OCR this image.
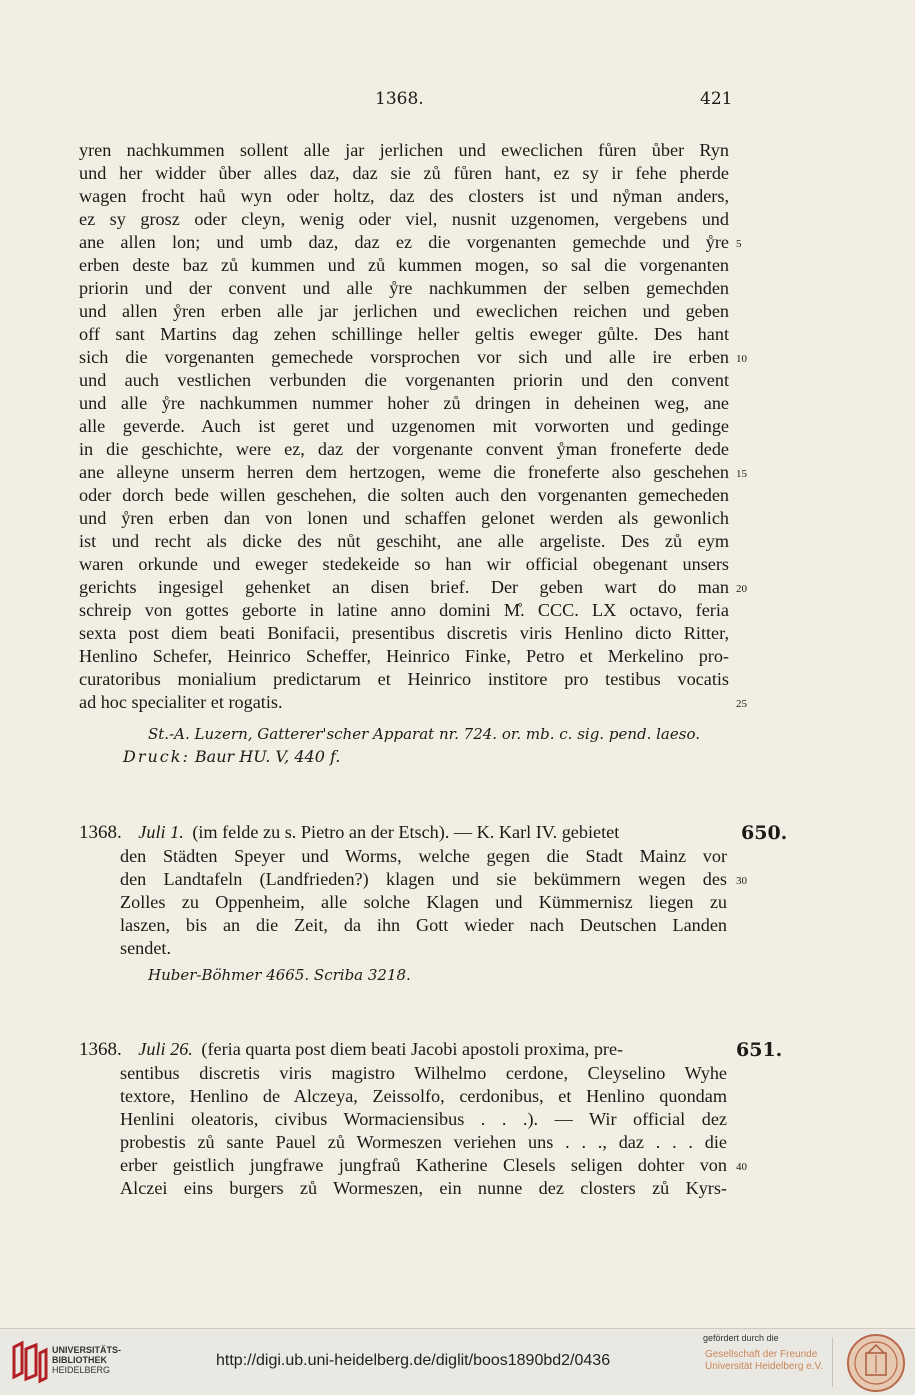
1368.	421
yren nachkummen sollent alle jar jerlichen und eweclichen fůren ůber Ryn
und her widder ůber alles daz, daz sie zů fůren hant, ez sy ir fehe pherde
wagen frocht haů wyn oder holtz, daz des closters ist und nẙman anders,
ez sy grosz oder cleyn, wenig oder viel, nusnit uzgenomen, vergebens und
ane allen lon; und umb daz, daz ez die vorgenanten gemechde und ẙre
erben deste baz zů kummen und zů kummen mogen, so sal die vorgenanten
priorin und der convent und alle ẙre nachkummen der selben gemechden
und allen ẙren erben alle jar jerlichen und eweclichen reichen und geben
off sant Martins dag zehen schillinge heller geltis eweger gůlte. Des hant
sich die vorgenanten gemechede vorsprochen vor sich und alle ire erben
und auch vestlichen verbunden die vorgenanten priorin und den convent
und alle ẙre nachkummen nummer hoher zů dringen in deheinen weg, ane
alle geverde. Auch ist geret und uzgenomen mit vorworten und gedinge
in die geschichte, were ez, daz der vorgenante convent ẙman froneferte dede
ane alleyne unserm herren dem hertzogen, weme die froneferte also geschehen
oder dorch bede willen geschehen, die solten auch den vorgenanten gemecheden
und ẙren erben dan von lonen und schaffen gelonet werden als gewonlich
ist und recht als dicke des nůt geschiht, ane alle argeliste. Des zů eym
waren orkunde und eweger stedekeide so han wir official obegenant unsers
gerichts ingesigel gehenket an disen brief. Der geben wart do man
schreip von gottes geborte in latine anno domini M̊. CCC. LX octavo, feria
sexta post diem beati Bonifacii, presentibus discretis viris Henlino dicto Ritter,
Henlino Schefer, Heinrico Scheffer, Heinrico Finke, Petro et Merkelino pro-
curatoribus monialium predictarum et Heinrico institore pro testibus vocatis
ad hoc specialiter et rogatis.
5
10
15
20
25
St.-A. Luzern, Gatterer'scher Apparat nr. 724. or. mb. c. sig. pend. laeso.
Druck: Baur HU. V, 440 f.
1368. Juli 1. (im felde zu s. Pietro an der Etsch). — K. Karl IV. gebietet	650.
den Städten Speyer und Worms, welche gegen die Stadt Mainz vor
den Landtafeln (Landfrieden?) klagen und sie bekümmern wegen des
Zolles zu Oppenheim, alle solche Klagen und Kümmernisz liegen zu
laszen, bis an die Zeit, da ihn Gott wieder nach Deutschen Landen
sendet.
30
Huber-Böhmer 4665. Scriba 3218.
1368. Juli 26. (feria quarta post diem beati Jacobi apostoli proxima, pre-	651.
sentibus discretis viris magistro Wilhelmo cerdone, Cleyselino Wyhe
textore, Henlino de Alczeya, Zeissolfo, cerdonibus, et Henlino quondam
Henlini oleatoris, civibus Wormaciensibus . . .). — Wir official dez
probestis zů sante Pauel zů Wormeszen veriehen uns . . ., daz . . . die
erber geistlich jungfrawe jungfraů Katherine Clesels seligen dohter von
Alczei eins burgers zů Wormeszen, ein nunne dez closters zů Kyrs-
40
UNIVERSITÄTS-
BIBLIOTHEK
HEIDELBERG
http://digi.ub.uni-heidelberg.de/diglit/boos1890bd2/0436
gefördert durch die
Gesellschaft der Freunde
Universität Heidelberg e.V.
